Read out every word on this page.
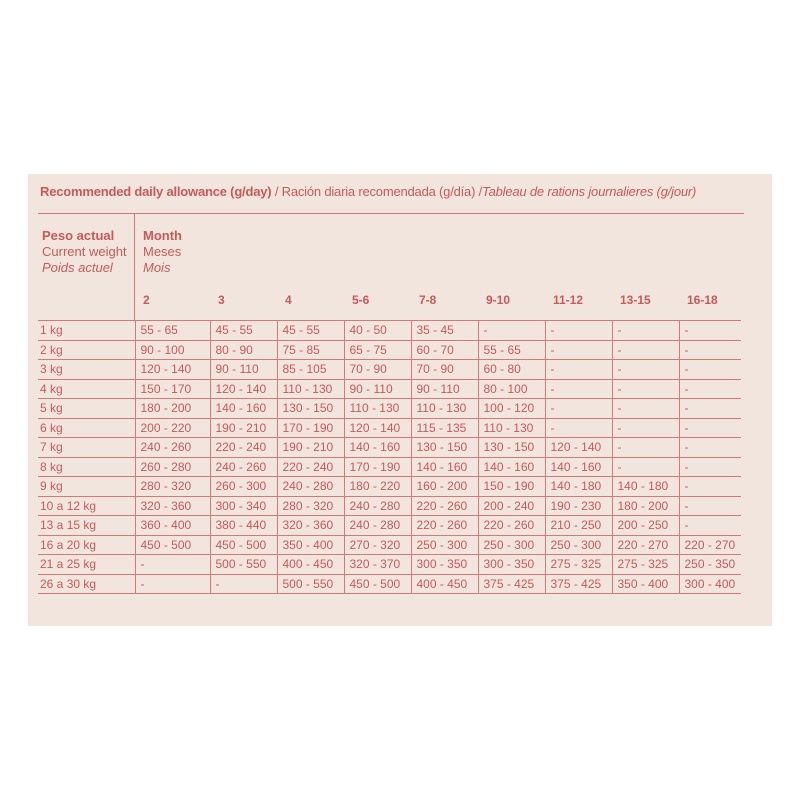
Recommended daily allowance (g/day) / Ración diaria recomendada (g/día) /Tableau de rations journalieres (g/jour)
Peso actual
Current weight
Poids actuel
Month
Meses
Mois
2	3	4	5-6	7-8	9-10	11-12	13-15	16-18
1 kg	55 - 65	45 - 55	45 - 55	40 - 50	35 - 45	-	-	-	-
2 kg	90 - 100	80 - 90	75 - 85	65 - 75	60 - 70	55 - 65	-	-	-
3 kg	120 - 140	90 - 110	85 - 105	70 - 90	70 - 90	60 - 80	-	-	-
4 kg	150 - 170	120 - 140	110 - 130	90 - 110	90 - 110	80 - 100	-	-	-
5 kg	180 - 200	140 - 160	130 - 150	110 - 130	110 - 130	100 - 120	-	-	-
6 kg	200 - 220	190 - 210	170 - 190	120 - 140	115 - 135	110 - 130	-	-	-
7 kg	240 - 260	220 - 240	190 - 210	140 - 160	130 - 150	130 - 150	120 - 140	-	-
8 kg	260 - 280	240 - 260	220 - 240	170 - 190	140 - 160	140 - 160	140 - 160	-	-
9 kg	280 - 320	260 - 300	240 - 280	180 - 220	160 - 200	150 - 190	140 - 180	140 - 180	-
10 a 12 kg	320 - 360	300 - 340	280 - 320	240 - 280	220 - 260	200 - 240	190 - 230	180 - 200	-
13 a 15 kg	360 - 400	380 - 440	320 - 360	240 - 280	220 - 260	220 - 260	210 - 250	200 - 250	-
16 a 20 kg	450 - 500	450 - 500	350 - 400	270 - 320	250 - 300	250 - 300	250 - 300	220 - 270	220 - 270
21 a 25 kg	-	500 - 550	400 - 450	320 - 370	300 - 350	300 - 350	275 - 325	275 - 325	250 - 350
26 a 30 kg	-	-	500 - 550	450 - 500	400 - 450	375 - 425	375 - 425	350 - 400	300 - 400
